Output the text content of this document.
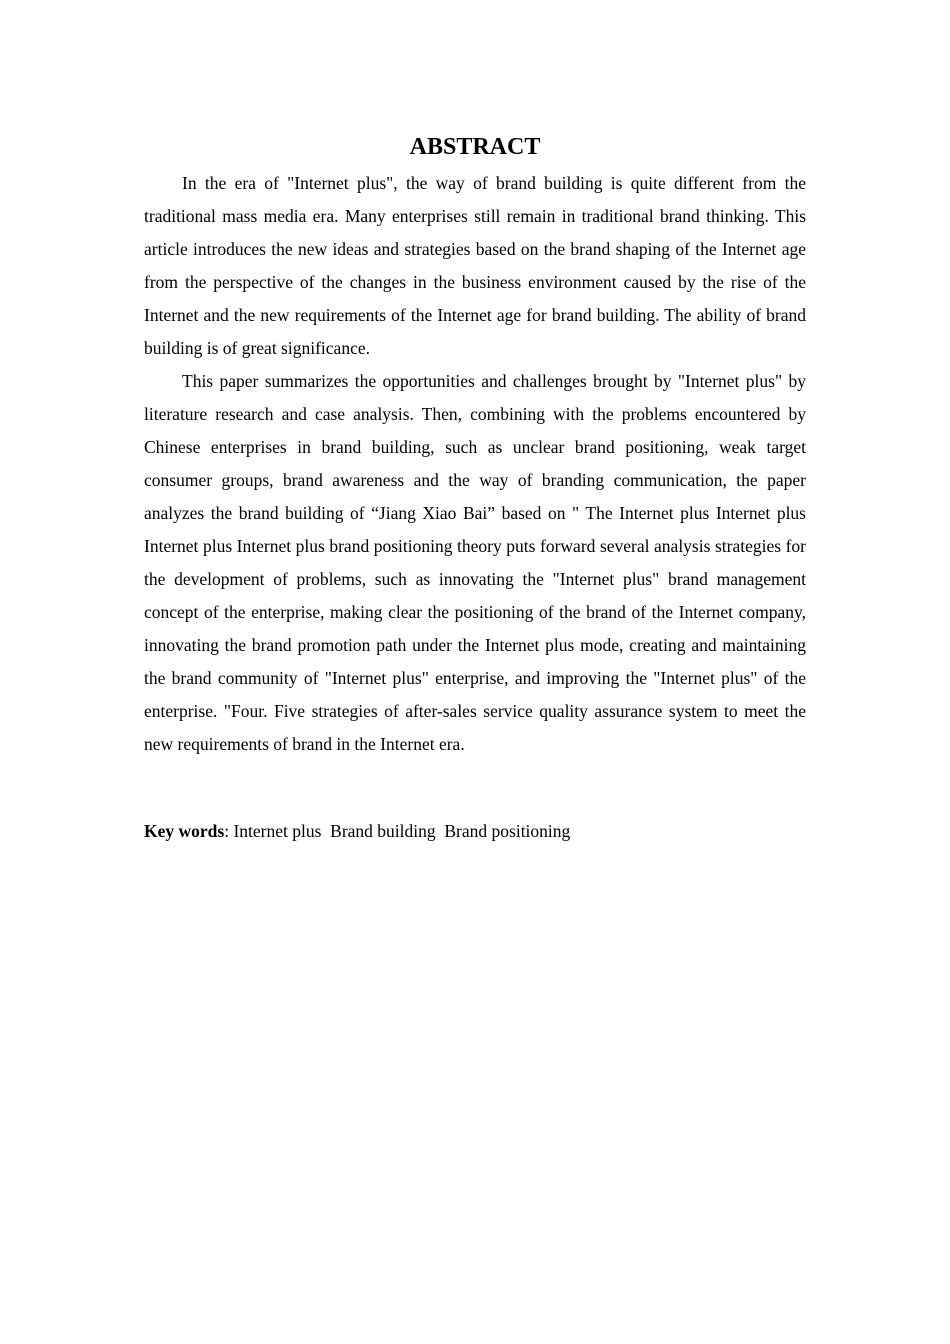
ABSTRACT

In the era of "Internet plus", the way of brand building is quite different from the traditional mass media era. Many enterprises still remain in traditional brand thinking. This article introduces the new ideas and strategies based on the brand shaping of the Internet age from the perspective of the changes in the business environment caused by the rise of the Internet and the new requirements of the Internet age for brand building. The ability of brand building is of great significance.

This paper summarizes the opportunities and challenges brought by "Internet plus" by literature research and case analysis. Then, combining with the problems encountered by Chinese enterprises in brand building, such as unclear brand positioning, weak target consumer groups, brand awareness and the way of branding communication, the paper analyzes the brand building of “Jiang Xiao Bai” based on " The Internet plus Internet plus Internet plus Internet plus brand positioning theory puts forward several analysis strategies for the development of problems, such as innovating the "Internet plus" brand management concept of the enterprise, making clear the positioning of the brand of the Internet company, innovating the brand promotion path under the Internet plus mode, creating and maintaining the brand community of "Internet plus" enterprise, and improving the "Internet plus" of the enterprise. "Four. Five strategies of after-sales service quality assurance system to meet the new requirements of brand in the Internet era.

Key words: Internet plus  Brand building  Brand positioning
